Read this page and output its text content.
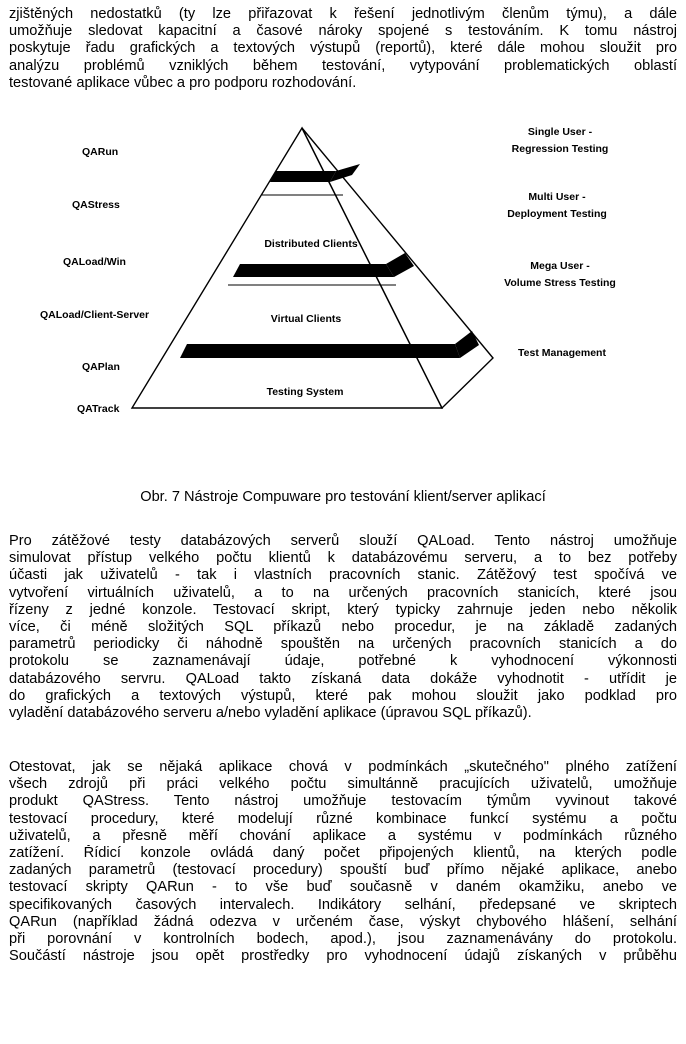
zjištěných nedostatků (ty lze přiřazovat k řešení jednotlivým členům týmu), a dále
umožňuje sledovat kapacitní a časové nároky spojené s testováním. K tomu nástroj
poskytuje řadu grafických a textových výstupů (reportů), které dále mohou sloužit pro
analýzu problémů vzniklých během testování, vytypování problematických oblastí
testované aplikace vůbec a pro podporu rozhodování.
Client
Distributed Clients
Virtual Clients
Testing System
QARun
QAStress
QALoad/Win
QALoad/Client-Server
QAPlan
QATrack
Single User -
Regression Testing
Multi User -
Deployment Testing
Mega User -
Volume Stress Testing
Test Management
Obr. 7 Nástroje Compuware pro testování klient/server aplikací
Pro zátěžové testy databázových serverů slouží QALoad. Tento nástroj umožňuje
simulovat přístup velkého počtu klientů k databázovému serveru, a to bez potřeby
účasti jak uživatelů - tak i vlastních pracovních stanic. Zátěžový test spočívá ve
vytvoření virtuálních uživatelů, a to na určených pracovních stanicích, které jsou
řízeny z jedné konzole. Testovací skript, který typicky zahrnuje jeden nebo několik
více, či méně složitých SQL příkazů nebo procedur, je na základě zadaných
parametrů periodicky či náhodně spouštěn na určených pracovních stanicích a do
protokolu se zaznamenávají údaje, potřebné k vyhodnocení výkonnosti
databázového servru. QALoad takto získaná data dokáže vyhodnotit - utřídit je
do grafických a textových výstupů, které pak mohou sloužit jako podklad pro
vyladění databázového serveru a/nebo vyladění aplikace (úpravou SQL příkazů).
Otestovat, jak se nějaká aplikace chová v podmínkách „skutečného" plného zatížení
všech zdrojů při práci velkého počtu simultánně pracujících uživatelů, umožňuje
produkt QAStress. Tento nástroj umožňuje testovacím týmům vyvinout takové
testovací procedury, které modelují různé kombinace funkcí systému a počtu
uživatelů, a přesně měří chování aplikace a systému v podmínkách různého
zatížení. Řídicí konzole ovládá daný počet připojených klientů, na kterých podle
zadaných parametrů (testovací procedury) spouští buď přímo nějaké aplikace, anebo
testovací skripty QARun - to vše buď současně v daném okamžiku, anebo ve
specifikovaných časových intervalech. Indikátory selhání, předepsané ve skriptech
QARun (například žádná odezva v určeném čase, výskyt chybového hlášení, selhání
při porovnání v kontrolních bodech, apod.), jsou zaznamenávány do protokolu.
Součástí nástroje jsou opět prostředky pro vyhodnocení údajů získaných v průběhu
